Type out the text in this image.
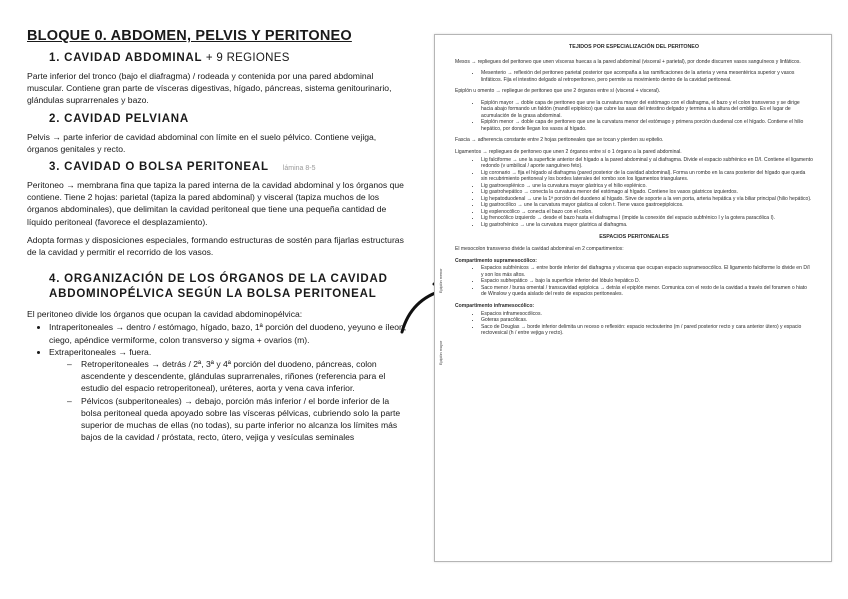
BLOQUE 0. ABDOMEN, PELVIS Y PERITONEO
1. CAVIDAD ABDOMINAL + 9 REGIONES
Parte inferior del tronco (bajo el diafragma) / rodeada y contenida por una pared abdominal muscular. Contiene gran parte de vísceras digestivas, hígado, páncreas, sistema genitourinario, glándulas suprarrenales y bazo.
2. CAVIDAD PELVIANA
Pelvis → parte inferior de cavidad abdominal con límite en el suelo pélvico. Contiene vejiga, órganos genitales y recto.
3. CAVIDAD O BOLSA PERITONEAL lámina 8-5
Peritoneo → membrana fina que tapiza la pared interna de la cavidad abdominal y los órganos que contiene. Tiene 2 hojas: parietal (tapiza la pared abdominal) y visceral (tapiza muchos de los órganos abdominales), que delimitan la cavidad peritoneal que tiene una pequeña cantidad de líquido peritoneal (favorece el desplazamiento).
Adopta formas y disposiciones especiales, formando estructuras de sostén para fijarlas estructuras de la cavidad y permitir el recorrido de los vasos.
4. ORGANIZACIÓN DE LOS ÓRGANOS DE LA CAVIDAD ABDOMINOPÉLVICA SEGÚN LA BOLSA PERITONEAL
El peritoneo divide los órganos que ocupan la cavidad abdominopélvica:
• Intraperitoneales → dentro / estómago, hígado, bazo, 1ª porción del duodeno, yeyuno e íleon, ciego, apéndice vermiforme, colon transverso y sigma + ovarios (m).
• Extraperitoneales → fuera.
– Retroperitoneales → detrás / 2ª, 3ª y 4ª porción del duodeno, páncreas, colon ascendente y descendente, glándulas suprarrenales, riñones (referencia para el estudio del espacio retroperitoneal), uréteres, aorta y vena cava inferior.
– Pélvicos (subperitoneales) → debajo, porción más inferior / el borde inferior de la bolsa peritoneal queda apoyado sobre las vísceras pélvicas, cubriendo solo la parte superior de muchas de ellas (no todas), su parte inferior no alcanza los límites más bajos de la cavidad / próstata, recto, útero, vejiga y vesículas seminales
TEJIDOS POR ESPECIALIZACIÓN DEL PERITONEO

Mesos → repliegues del peritoneo que unen vísceras huecas a la pared abdominal (visceral + parietal), por donde discurren vasos sanguíneos y linfáticos.

• Mesenterio → reflexión del peritoneo parietal posterior que acompaña a las ramificaciones de la arteria y vena mesentérica superior y vasos linfáticos. Fija el intestino delgado al retroperitoneo, pero permite su movimiento dentro de la cavidad peritoneal.

Epiplón u omento → repliegue de peritoneo que une 2 órganos entre sí (visceral + visceral).

• Epiplón mayor → doble capa de peritoneo que une la curvatura mayor del estómago con el diafragma, el bazo y el colon transverso y se dirige hacia abajo formando un faldón (mandil epiploico) que cubre las asas del intestino delgado y termina a la altura del ombligo. Es el lugar de acumulación de la grasa abdominal.
• Epiplón menor → doble capa de peritoneo que une la curvatura menor del estómago y primera porción duodenal con el hígado. Contiene el hilio hepático, por donde llegan los vasos al hígado.

Fascia → adherencia constante entre 2 hojas peritoneales que se tocan y pierden su epitelio.

Ligamentos → repliegues de peritoneo que unen 2 órganos entre sí o 1 órgano a la pared abdominal.

• Lig falciforme → une la superficie anterior del hígado a la pared abdominal y al diafragma. Divide el espacio subfrénico en D/I. Contiene el ligamento redondo (v umbilical / aporte sanguíneo feto).
• Lig coronario → fija el hígado al diafragma (pared posterior de la cavidad abdominal). Forma un rombo en la cara posterior del hígado que queda sin recubrimiento peritoneal y los bordes laterales del rombo son los ligamentos triangulares.
• Lig gastroesplénico → une la curvatura mayor gástrica y el hilio esplénico.
• Lig gastrohepático → conecta la curvatura menor del estómago al hígado. Contiene los vasos gástricos izquierdos.
• Lig hepatoduodenal → une la 1ª porción del duodeno al hígado. Sirve de soporte a la ven porta, arteria hepática y vía biliar principal (hilio hepático).
• Lig gastrocólico → une la curvatura mayor gástica al colon t. Tiene vasos gastroepiploicos.
• Lig esplenocólico → conecta el bazo con el colon.
• Lig frenocólico izquierdo → desde el bazo hasta el diafragma I (impide la conexión del espacio subfrénico I y la gotera paracólica I).
• Lig gastrofrénico → une la curvatura mayor gástrica al diafragma.
ESPACIOS PERITONEALES

El mesocolon transverso divide la cavidad abdominal en 2 compartimentos:

Compartimento supramesocólico:

• Espacios subfrénicos → entre borde inferior del diafragma y vísceras que ocupan espacio supramesocólico. El ligamento falciforme lo divide en D/I y son los más altos.
• Espacio subhepático → bajo la superficie inferior del lóbulo hepático D.
• Saco menor / bursa omental / transcavidad epiploica → detrás el epiplón menor. Comunica con el resto de la cavidad a través del foramen o hiato de Winslow y queda aislado del resto de espacios peritoneales.

Compartimento inframesocólico:

• Espacios inframesocólicos.
• Goteras paracólicas.
• Saco de Douglas → borde inferior delimita un receso o reflexión: espacio rectouterino (m / pared posterior recto y cara anterior útero) y espacio rectovesical (h / entre vejiga y recto).
Epiplón menor
Epiplón mayor
